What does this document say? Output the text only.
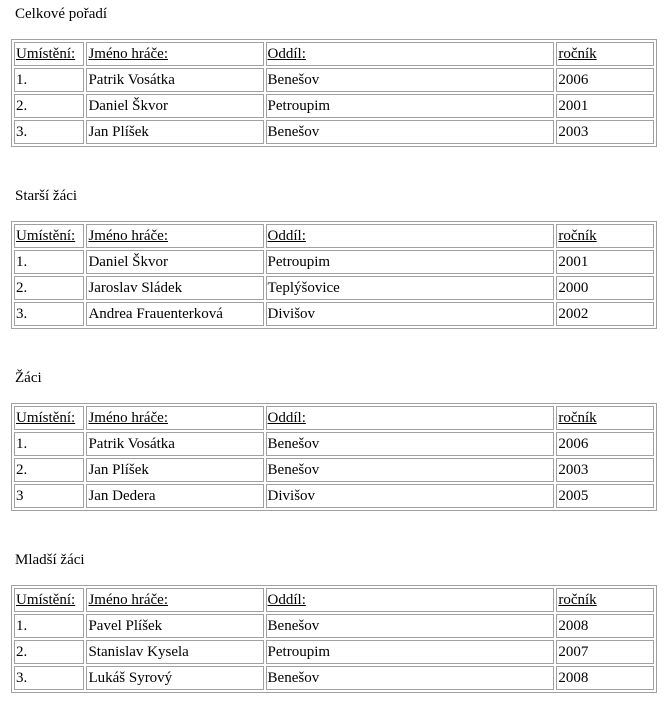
Celkové pořadí
Umístění:	Jméno hráče:	Oddíl:	ročník
1.	Patrik Vosátka	Benešov	2006
2.	Daniel Škvor	Petroupim	2001
3.	Jan Plíšek	Benešov	2003
Starší žáci
Umístění:	Jméno hráče:	Oddíl:	ročník
1.	Daniel Škvor	Petroupim	2001
2.	Jaroslav Sládek	Teplýšovice	2000
3.	Andrea Frauenterková	Divišov	2002
Žáci
Umístění:	Jméno hráče:	Oddíl:	ročník
1.	Patrik Vosátka	Benešov	2006
2.	Jan Plíšek	Benešov	2003
3	Jan Dedera	Divišov	2005
Mladší žáci
Umístění:	Jméno hráče:	Oddíl:	ročník
1.	Pavel Plíšek	Benešov	2008
2.	Stanislav Kysela	Petroupim	2007
3.	Lukáš Syrový	Benešov	2008
